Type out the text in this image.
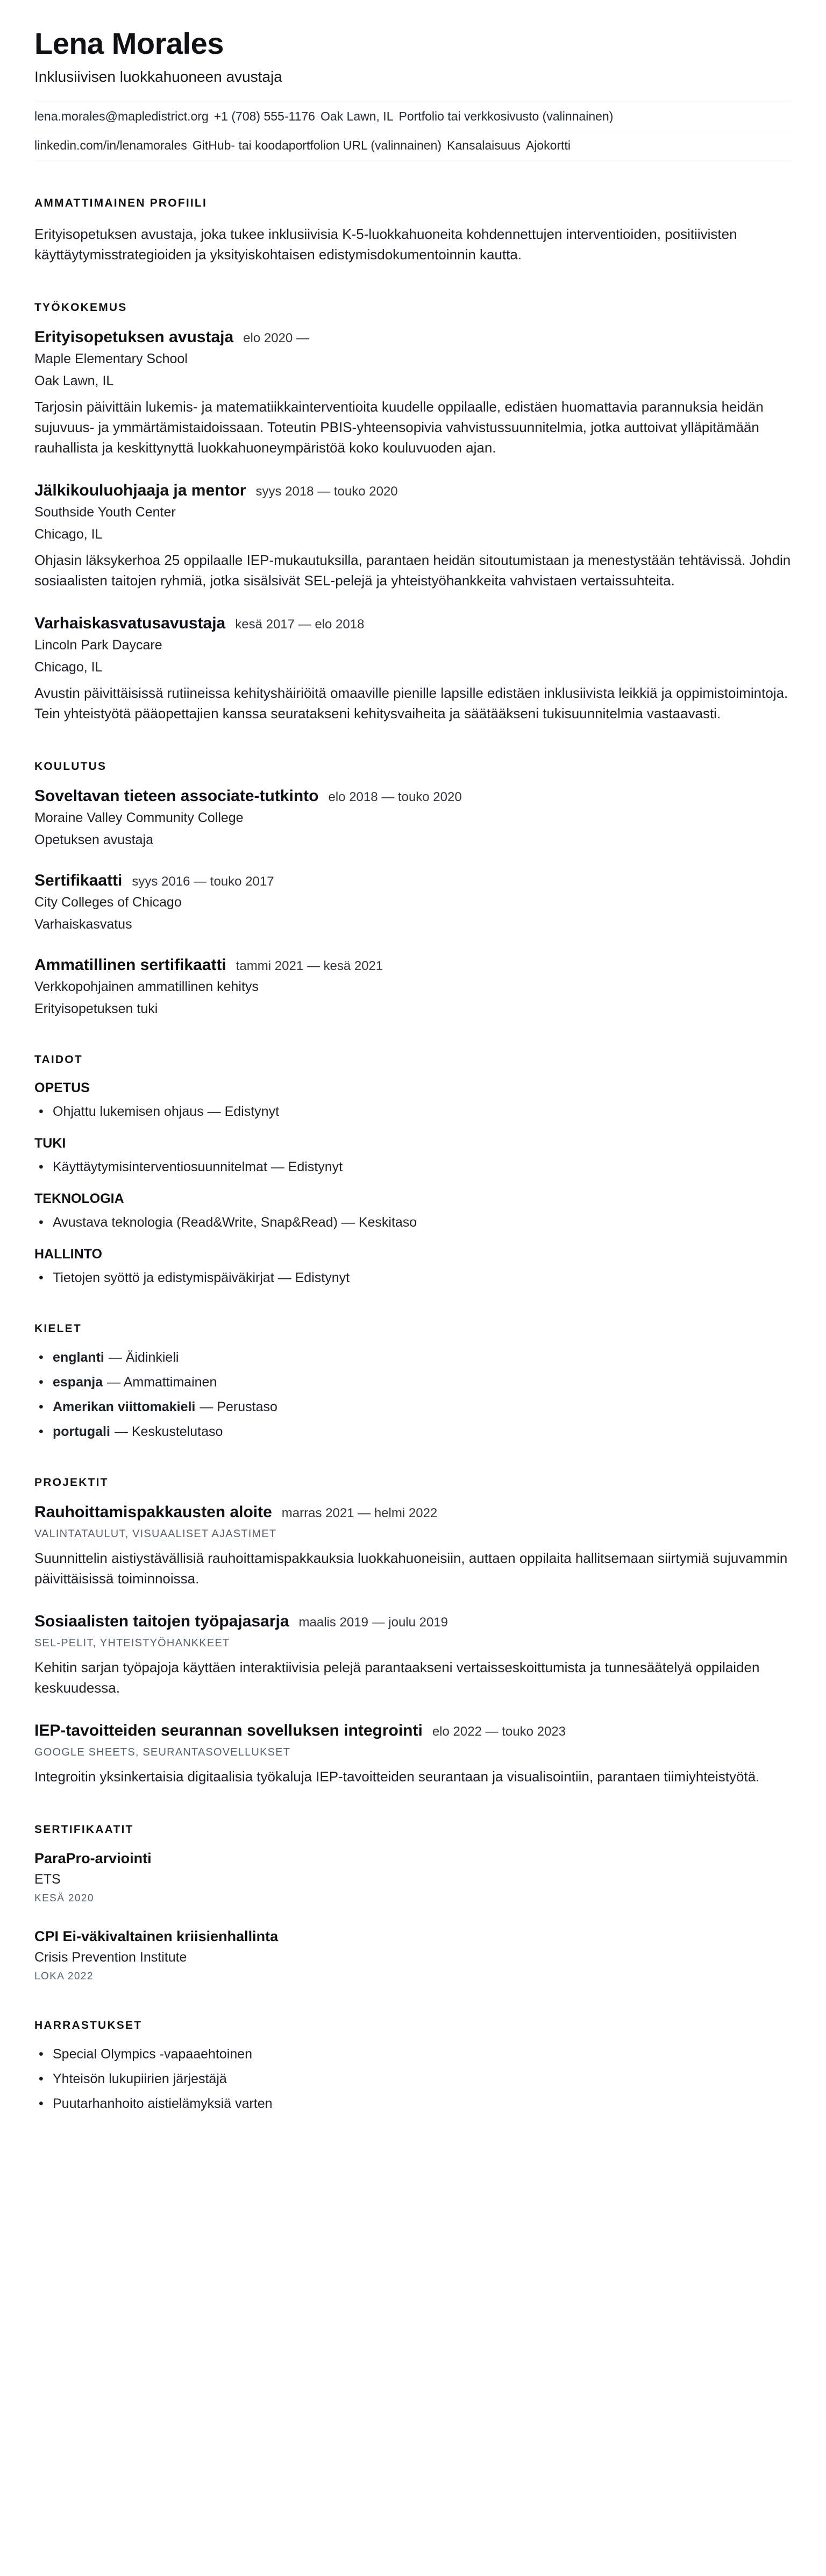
Lena Morales
Inklusiivisen luokkahuoneen avustaja
lena.morales@mapledistrict.org +1 (708) 555-1176 Oak Lawn, IL Portfolio tai verkkosivusto (valinnainen)
linkedin.com/in/lenamorales GitHub- tai koodaportfolion URL (valinnainen) Kansalaisuus Ajokortti
AMMATTIMAINEN PROFIILI

Erityisopetuksen avustaja, joka tukee inklusiivisia K-5-luokkahuoneita kohdennettujen interventioiden, positiivisten käyttäytymisstrategioiden ja yksityiskohtaisen edistymisdokumentoinnin kautta.

TYÖKOKEMUS
Erityisopetuksen avustaja elo 2020 —
Maple Elementary School
Oak Lawn, IL
Tarjosin päivittäin lukemis- ja matematiikkainterventioita kuudelle oppilaalle, edistäen huomattavia parannuksia heidän sujuvuus- ja ymmärtämistaidoissaan. Toteutin PBIS-yhteensopivia vahvistussuunnitelmia, jotka auttoivat ylläpitämään rauhallista ja keskittynyttä luokkahuoneympäristöä koko kouluvuoden ajan.
Jälkikouluohjaaja ja mentor syys 2018 — touko 2020
Southside Youth Center
Chicago, IL
Ohjasin läksykerhoa 25 oppilaalle IEP-mukautuksilla, parantaen heidän sitoutumistaan ja menestystään tehtävissä. Johdin sosiaalisten taitojen ryhmiä, jotka sisälsivät SEL-pelejä ja yhteistyöhankkeita vahvistaen vertaissuhteita.
Varhaiskasvatusavustaja kesä 2017 — elo 2018
Lincoln Park Daycare
Chicago, IL
Avustin päivittäisissä rutiineissa kehityshäiriöitä omaaville pienille lapsille edistäen inklusiivista leikkiä ja oppimistoimintoja. Tein yhteistyötä pääopettajien kanssa seuratakseni kehitysvaiheita ja säätääkseni tukisuunnitelmia vastaavasti.
KOULUTUS
Soveltavan tieteen associate-tutkinto elo 2018 — touko 2020
Moraine Valley Community College
Opetuksen avustaja
Sertifikaatti syys 2016 — touko 2017
City Colleges of Chicago
Varhaiskasvatus
Ammatillinen sertifikaatti tammi 2021 — kesä 2021
Verkkopohjainen ammatillinen kehitys
Erityisopetuksen tuki
TAIDOT
OPETUS
• Ohjattu lukemisen ohjaus — Edistynyt
TUKI
• Käyttäytymisinterventiosuunnitelmat — Edistynyt
TEKNOLOGIA
• Avustava teknologia (Read&Write, Snap&Read) — Keskitaso
HALLINTO
• Tietojen syöttö ja edistymispäiväkirjat — Edistynyt
KIELET
• englanti — Äidinkieli
• espanja — Ammattimainen
• Amerikan viittomakieli — Perustaso
• portugali — Keskustelutaso
PROJEKTIT
Rauhoittamispakkausten aloite marras 2021 — helmi 2022
VALINTATAULUT, VISUAALISET AJASTIMET
Suunnittelin aistiystävällisiä rauhoittamispakkauksia luokkahuoneisiin, auttaen oppilaita hallitsemaan siirtymiä sujuvammin päivittäisissä toiminnoissa.
Sosiaalisten taitojen työpajasarja maalis 2019 — joulu 2019
SEL-PELIT, YHTEISTYÖHANKKEET
Kehitin sarjan työpajoja käyttäen interaktiivisia pelejä parantaakseni vertaisseskoittumista ja tunnesäätelyä oppilaiden keskuudessa.
IEP-tavoitteiden seurannan sovelluksen integrointi elo 2022 — touko 2023
GOOGLE SHEETS, SEURANTASOVELLUKSET
Integroitin yksinkertaisia digitaalisia työkaluja IEP-tavoitteiden seurantaan ja visualisointiin, parantaen tiimiyhteistyötä.
SERTIFIKAATIT
ParaPro-arviointi
ETS
KESÄ 2020
CPI Ei-väkivaltainen kriisienhallinta
Crisis Prevention Institute
LOKA 2022
HARRASTUKSET
• Special Olympics -vapaaehtoinen
• Yhteisön lukupiirien järjestäjä
• Puutarhanhoito aistielämyksiä varten
